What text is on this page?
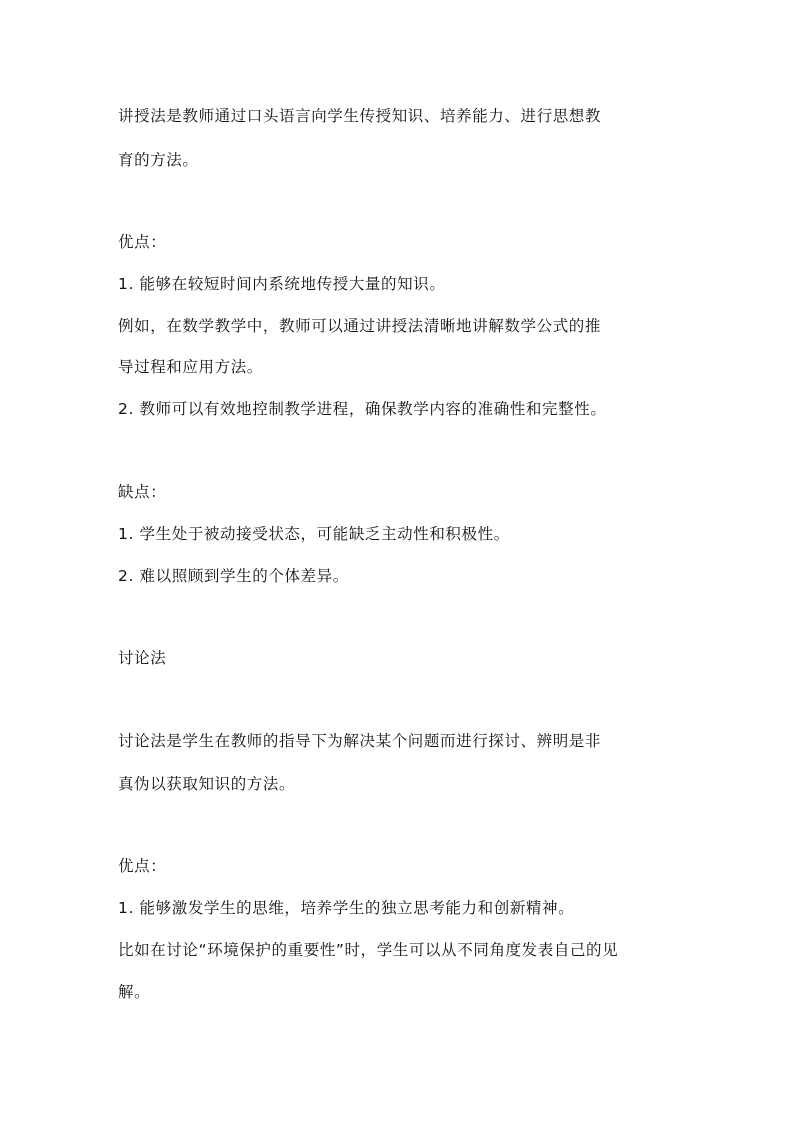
讲授法是教师通过口头语言向学生传授知识、培养能力、进行思想教
育的方法。
优点：
1. 能够在较短时间内系统地传授大量的知识。
例如，在数学教学中，教师可以通过讲授法清晰地讲解数学公式的推
导过程和应用方法。
2. 教师可以有效地控制教学进程，确保教学内容的准确性和完整性。
缺点：
1. 学生处于被动接受状态，可能缺乏主动性和积极性。
2. 难以照顾到学生的个体差异。
讨论法
讨论法是学生在教师的指导下为解决某个问题而进行探讨、辨明是非
真伪以获取知识的方法。
优点：
1. 能够激发学生的思维，培养学生的独立思考能力和创新精神。
比如在讨论“环境保护的重要性”时，学生可以从不同角度发表自己的见
解。
